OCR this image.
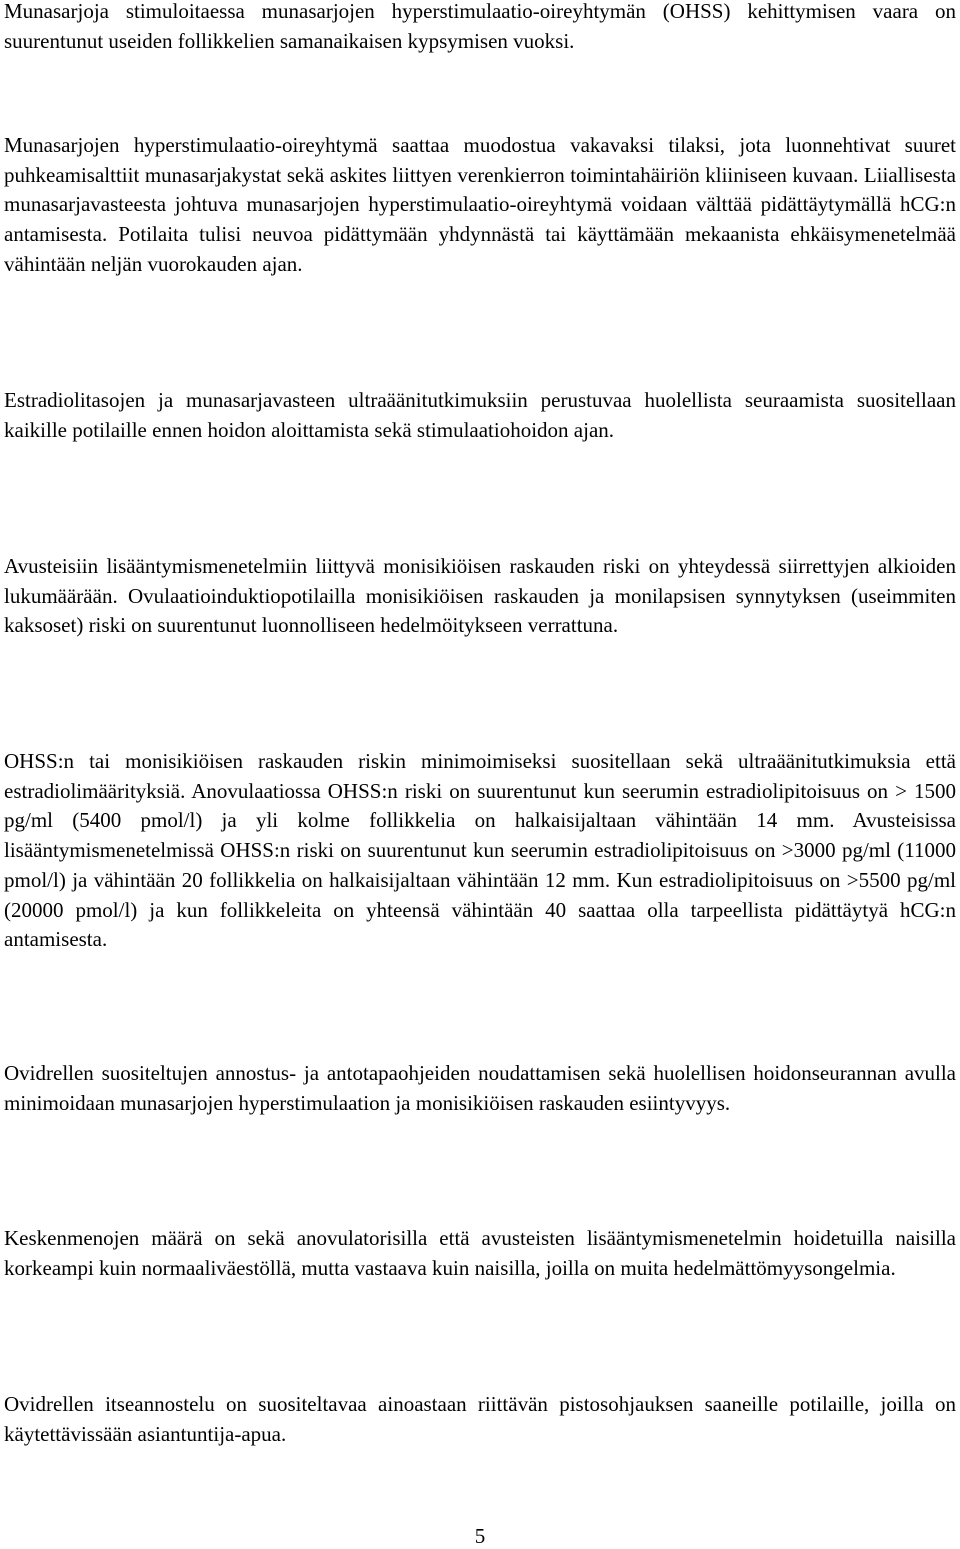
Munasarjoja stimuloitaessa munasarjojen hyperstimulaatio-oireyhtymän (OHSS) kehittymisen vaara on suurentunut useiden follikkelien samanaikaisen kypsymisen vuoksi.

Munasarjojen hyperstimulaatio-oireyhtymä saattaa muodostua vakavaksi tilaksi, jota luonnehtivat suuret puhkeamisalttiit munasarjakystat sekä askites liittyen verenkierron toimintahäiriön kliiniseen kuvaan. Liiallisesta munasarjavasteesta johtuva munasarjojen hyperstimulaatio-oireyhtymä voidaan välttää pidättäytymällä hCG:n antamisesta. Potilaita tulisi neuvoa pidättymään yhdynnästä tai käyttämään mekaanista ehkäisymenetelmää vähintään neljän vuorokauden ajan.

Estradiolitasojen ja munasarjavasteen ultraäänitutkimuksiin perustuvaa huolellista seuraamista suositellaan kaikille potilaille ennen hoidon aloittamista sekä stimulaatiohoidon ajan.

Avusteisiin lisääntymismenetelmiin liittyvä monisikiöisen raskauden riski on yhteydessä siirrettyjen alkioiden lukumäärään. Ovulaatioinduktiopotilailla monisikiöisen raskauden ja monilapsisen synnytyksen (useimmiten kaksoset) riski on suurentunut luonnolliseen hedelmöitykseen verrattuna.

OHSS:n tai monisikiöisen raskauden riskin minimoimiseksi suositellaan sekä ultraäänitutkimuksia että estradiolimäärityksiä. Anovulaatiossa OHSS:n riski on suurentunut kun seerumin estradiolipitoisuus on > 1500 pg/ml (5400 pmol/l) ja yli kolme follikkelia on halkaisijaltaan vähintään 14 mm. Avusteisissa lisääntymismenetelmissä OHSS:n riski on suurentunut kun seerumin estradiolipitoisuus on >3000 pg/ml (11000 pmol/l) ja vähintään 20 follikkelia on halkaisijaltaan vähintään 12 mm. Kun estradiolipitoisuus on >5500 pg/ml (20000 pmol/l) ja kun follikkeleita on yhteensä vähintään 40 saattaa olla tarpeellista pidättäytyä hCG:n antamisesta.

Ovidrellen suositeltujen annostus- ja antotapaohjeiden noudattamisen sekä huolellisen hoidonseurannan avulla minimoidaan munasarjojen hyperstimulaation ja monisikiöisen raskauden esiintyvyys.

Keskenmenojen määrä on sekä anovulatorisilla että avusteisten lisääntymismenetelmin hoidetuilla naisilla korkeampi kuin normaaliväestöllä, mutta vastaava kuin naisilla, joilla on muita hedelmättömyysongelmia.

Ovidrellen itseannostelu on suositeltavaa ainoastaan riittävän pistosohjauksen saaneille potilaille, joilla on käytettävissään asiantuntija-apua.

5
